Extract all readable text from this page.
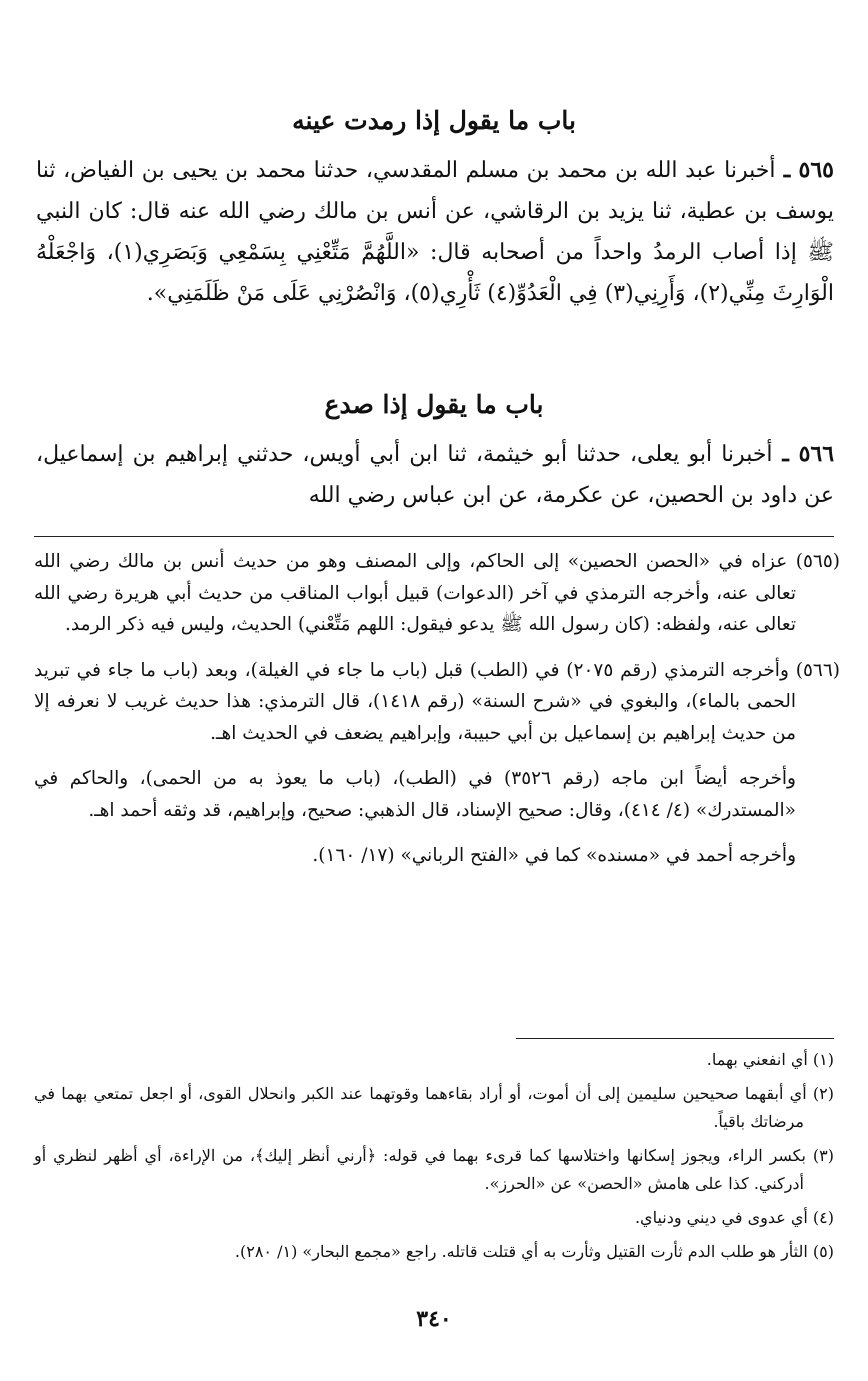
باب ما يقول إذا رمدت عينه

٥٦٥ ـ أخبرنا عبد الله بن محمد بن مسلم المقدسي، حدثنا محمد بن يحيى بن الفياض، ثنا يوسف بن عطية، ثنا يزيد بن الرقاشي، عن أنس بن مالك رضي الله عنه قال: كان النبي ﷺ إذا أصاب الرمدُ واحداً من أصحابه قال: «اللَّهُمَّ مَتِّعْنِي بِسَمْعِي وَبَصَرِي(١)، وَاجْعَلْهُ الْوَارِثَ مِنِّي(٢)، وَأَرِنِي(٣) فِي الْعَدُوِّ(٤) ثَأْرِي(٥)، وَانْصُرْنِي عَلَى مَنْ ظَلَمَنِي».

باب ما يقول إذا صدع

٥٦٦ ـ أخبرنا أبو يعلى، حدثنا أبو خيثمة، ثنا ابن أبي أويس، حدثني إبراهيم بن إسماعيل، عن داود بن الحصين، عن عكرمة، عن ابن عباس رضي الله

(٥٦٥) عزاه في «الحصن الحصين» إلى الحاكم، وإلى المصنف وهو من حديث أنس بن مالك رضي الله تعالى عنه، وأخرجه الترمذي في آخر (الدعوات) قبيل أبواب المناقب من حديث أبي هريرة رضي الله تعالى عنه، ولفظه: (كان رسول الله ﷺ يدعو فيقول: اللهم مَتِّعْني) الحديث، وليس فيه ذكر الرمد.

(٥٦٦) وأخرجه الترمذي (رقم ٢٠٧٥) في (الطب) قبل (باب ما جاء في الغيلة)، وبعد (باب ما جاء في تبريد الحمى بالماء)، والبغوي في «شرح السنة» (رقم ١٤١٨)، قال الترمذي: هذا حديث غريب لا نعرفه إلا من حديث إبراهيم بن إسماعيل بن أبي حبيبة، وإبراهيم يضعف في الحديث اهـ.

وأخرجه أيضاً ابن ماجه (رقم ٣٥٢٦) في (الطب)، (باب ما يعوذ به من الحمى)، والحاكم في «المستدرك» (٤/ ٤١٤)، وقال: صحيح الإسناد، قال الذهبي: صحيح، وإبراهيم، قد وثقه أحمد اهـ.

وأخرجه أحمد في «مسنده» كما في «الفتح الرباني» (١٧/ ١٦٠).

(١) أي انفعني بهما.

(٢) أي أبقهما صحيحين سليمين إلى أن أموت، أو أراد بقاءهما وقوتهما عند الكبر وانحلال القوى، أو اجعل تمتعي بهما في مرضاتك باقياً.

(٣) بكسر الراء، ويجوز إسكانها واختلاسها كما قرىء بهما في قوله: ﴿أرني أنظر إليك﴾، من الإراءة، أي أظهر لنظري أو أدركني. كذا على هامش «الحصن» عن «الحرز».

(٤) أي عدوى في ديني ودنياي.

(٥) الثأر هو طلب الدم ثأرت القتيل وثأرت به أي قتلت قاتله. راجع «مجمع البحار» (١/ ٢٨٠).

٣٤٠
